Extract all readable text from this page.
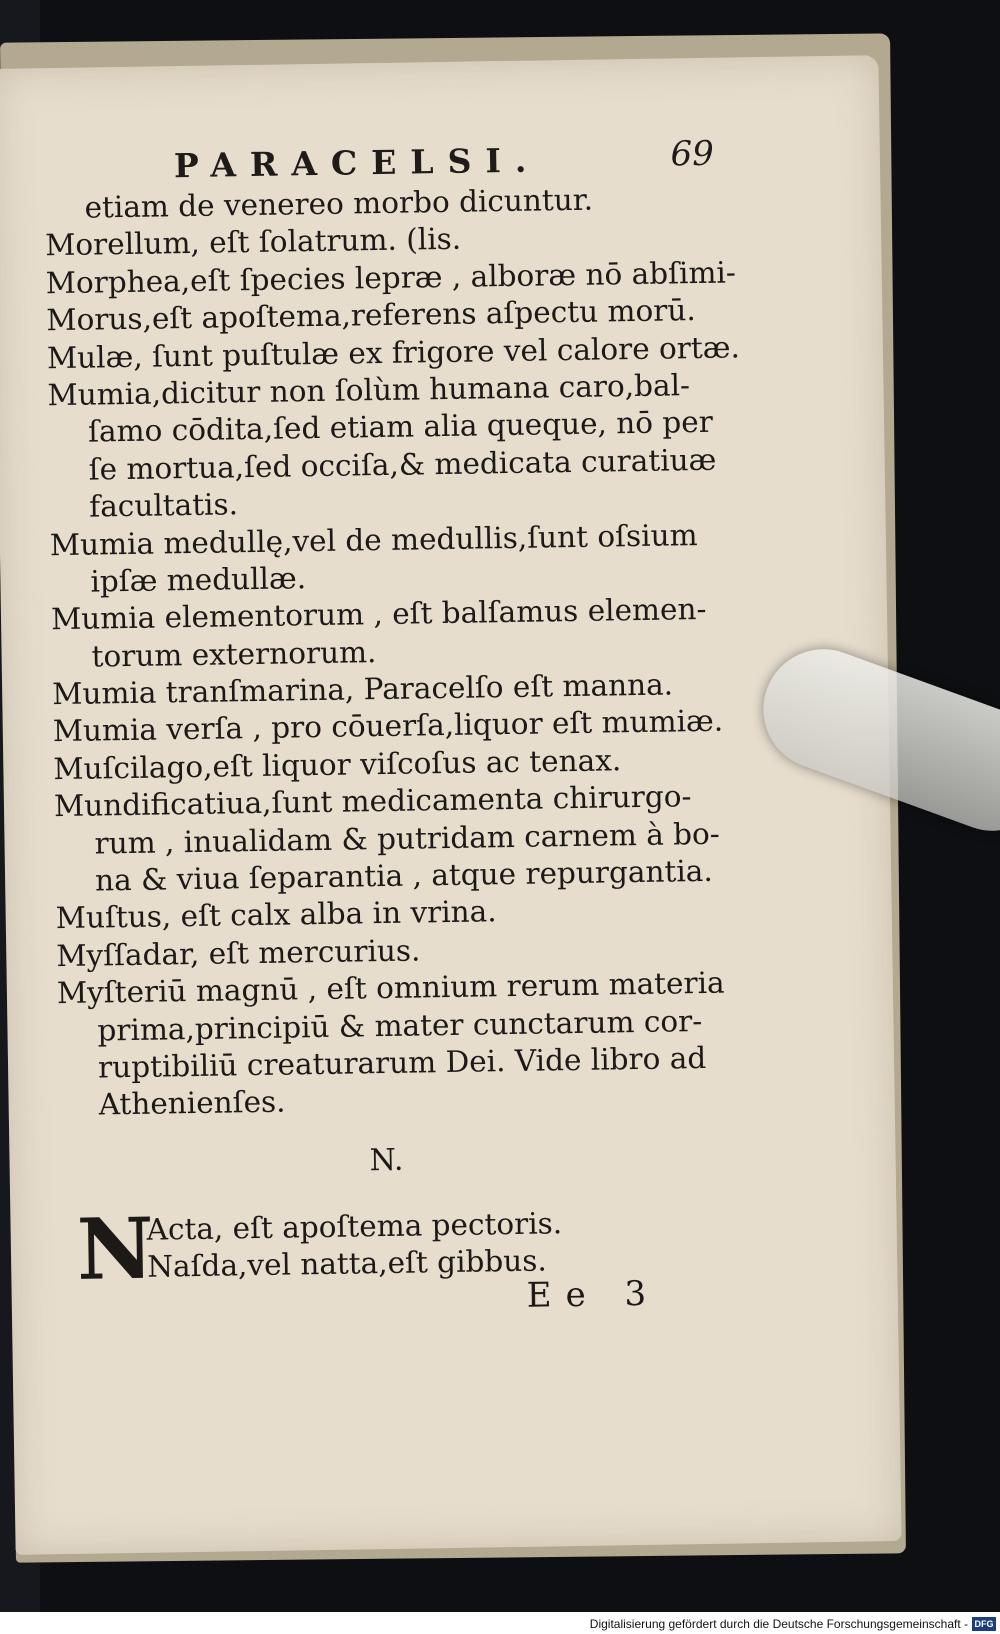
PARACELSI.	69
etiam de venereo morbo dicuntur.
Morellum, eſt ſolatrum. (lis.
Morphea,eſt ſpecies lepræ , alboræ nō abſimi-
Morus,eſt apoſtema,referens aſpectu morū.
Mulæ, ſunt puſtulæ ex frigore vel calore ortæ.
Mumia,dicitur non ſolùm humana caro,bal-
ſamo cōdita,ſed etiam alia queque, nō per
ſe mortua,ſed occiſa,& medicata curatiuæ
facultatis.
Mumia medullę,vel de medullis,ſunt oſsium
ipſæ medullæ.
Mumia elementorum , eſt balſamus elemen-
torum externorum.
Mumia tranſmarina, Paracelſo eſt manna.
Mumia verſa , pro cōuerſa,liquor eſt mumiæ.
Muſcilago,eſt liquor viſcoſus ac tenax.
Mundificatiua,ſunt medicamenta chirurgo-
rum , inualidam & putridam carnem à bo-
na & viua ſeparantia , atque repurgantia.
Muſtus, eſt calx alba in vrina.
Myſſadar, eſt mercurius.
Myſteriū magnū , eſt omnium rerum materia
prima,principiū & mater cunctarum cor-
ruptibiliū creaturarum Dei. Vide libro ad
Athenienſes.
N.
N
Acta, eſt apoſtema pectoris.
Naſda,vel natta,eſt gibbus.
Ee 3
Digitalisierung gefördert durch die Deutsche Forschungsgemeinschaft - DFG
